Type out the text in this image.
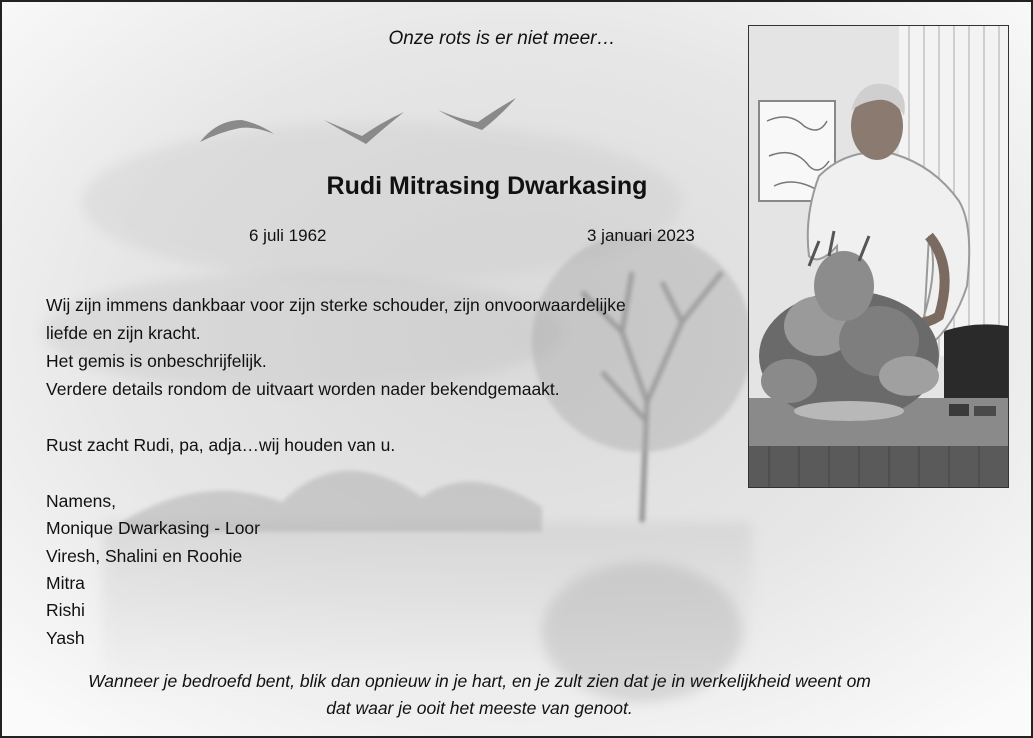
Onze rots is er niet meer…
Rudi Mitrasing Dwarkasing
6 juli 1962	3 januari 2023
Wij zijn immens dankbaar voor zijn sterke schouder, zijn onvoorwaardelijke
liefde en zijn kracht.
Het gemis is onbeschrijfelijk.
Verdere details rondom de uitvaart worden nader bekendgemaakt.
Rust zacht Rudi, pa, adja…wij houden van u.
Namens,
Monique Dwarkasing - Loor
Viresh, Shalini en Roohie
Mitra
Rishi
Yash
Wanneer je bedroefd bent, blik dan opnieuw in je hart, en je zult zien dat je in werkelijkheid weent om
dat waar je ooit het meeste van genoot.
